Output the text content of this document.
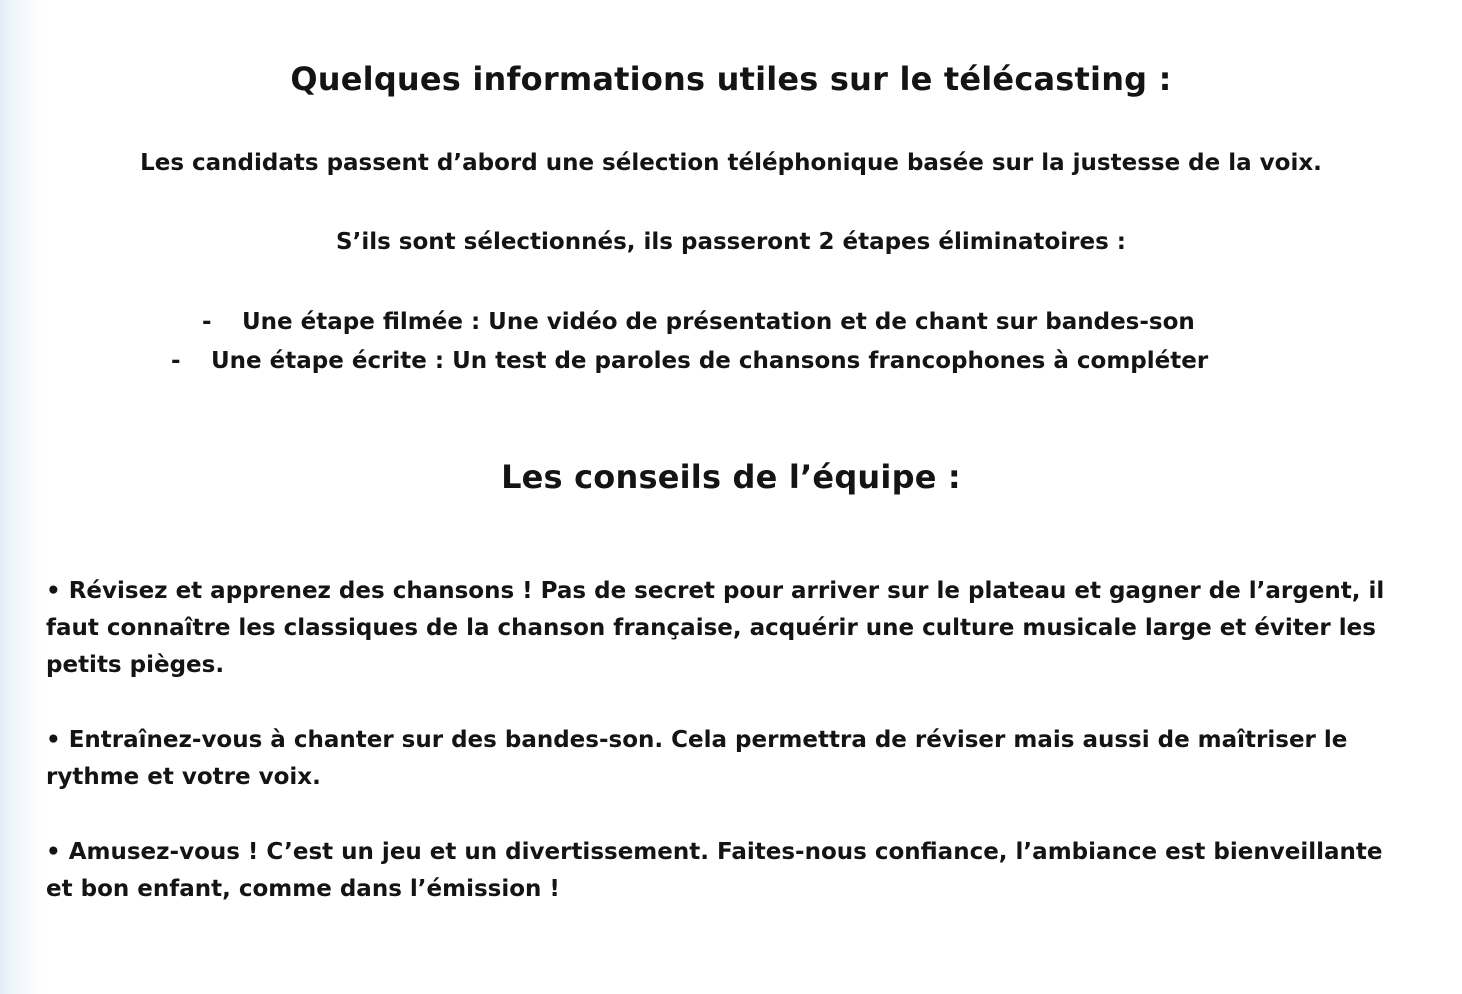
Quelques informations utiles sur le télécasting :
Les candidats passent d’abord une sélection téléphonique basée sur la justesse de la voix.
S’ils sont sélectionnés, ils passeront 2 étapes éliminatoires :
- Une étape filmée : Une vidéo de présentation et de chant sur bandes-son
- Une étape écrite : Un test de paroles de chansons francophones à compléter
Les conseils de l’équipe :
• Révisez et apprenez des chansons ! Pas de secret pour arriver sur le plateau et gagner de l’argent, il faut connaître les classiques de la chanson française, acquérir une culture musicale large et éviter les petits pièges.
• Entraînez-vous à chanter sur des bandes-son. Cela permettra de réviser mais aussi de maîtriser le rythme et votre voix.
• Amusez-vous ! C’est un jeu et un divertissement. Faites-nous confiance, l’ambiance est bienveillante et bon enfant, comme dans l’émission !
